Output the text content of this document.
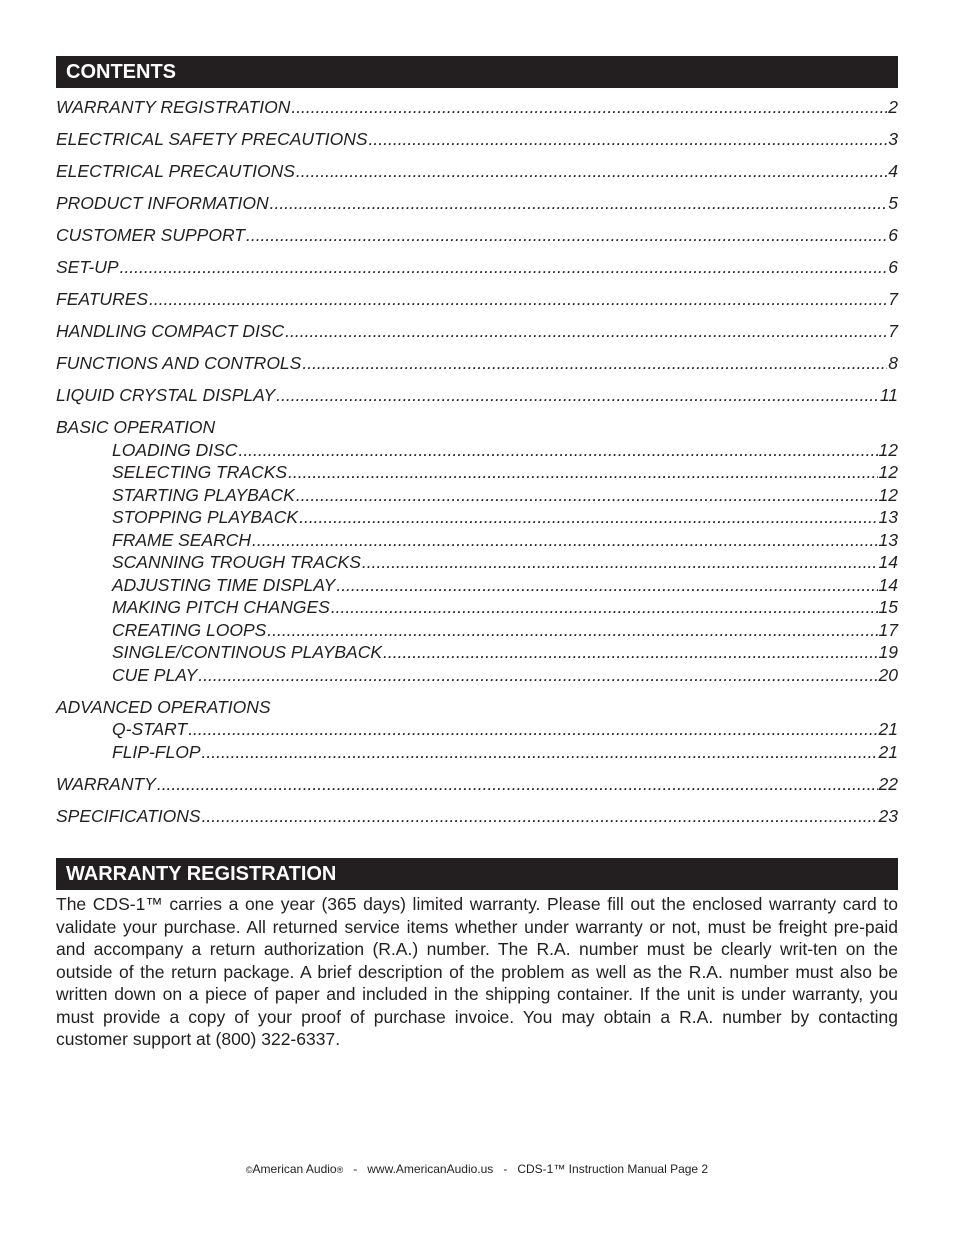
CONTENTS
WARRANTY REGISTRATION .....	2
ELECTRICAL SAFETY PRECAUTIONS .....	3
ELECTRICAL PRECAUTIONS .....	4
PRODUCT INFORMATION .....	5
CUSTOMER SUPPORT .....	6
SET-UP .....	6
FEATURES .....	7
HANDLING COMPACT DISC .....	7
FUNCTIONS AND CONTROLS .....	8
LIQUID CRYSTAL DISPLAY .....	11
BASIC OPERATION
LOADING DISC .....	12
SELECTING TRACKS .....	12
STARTING PLAYBACK .....	12
STOPPING PLAYBACK .....	13
FRAME SEARCH .....	13
SCANNING TROUGH TRACKS .....	14
ADJUSTING TIME DISPLAY .....	14
MAKING PITCH CHANGES .....	15
CREATING LOOPS .....	17
SINGLE/CONTINOUS PLAYBACK .....	19
CUE PLAY .....	20
ADVANCED OPERATIONS
Q-START .....	21
FLIP-FLOP .....	21
WARRANTY .....	22
SPECIFICATIONS .....	23
WARRANTY REGISTRATION

The CDS-1™ carries a one year (365 days) limited warranty. Please fill out the enclosed warranty card to validate your purchase. All returned service items whether under warranty or not, must be freight pre-paid and accompany a return authorization (R.A.) number. The R.A. number must be clearly writ-ten on the outside of the return package. A brief description of the problem as well as the R.A. number must also be written down on a piece of paper and included in the shipping container. If the unit is under warranty, you must provide a copy of your proof of purchase invoice. You may obtain a R.A. number by contacting customer support at (800) 322-6337.

©American Audio® - www.AmericanAudio.us - CDS-1™ Instruction Manual Page 2
